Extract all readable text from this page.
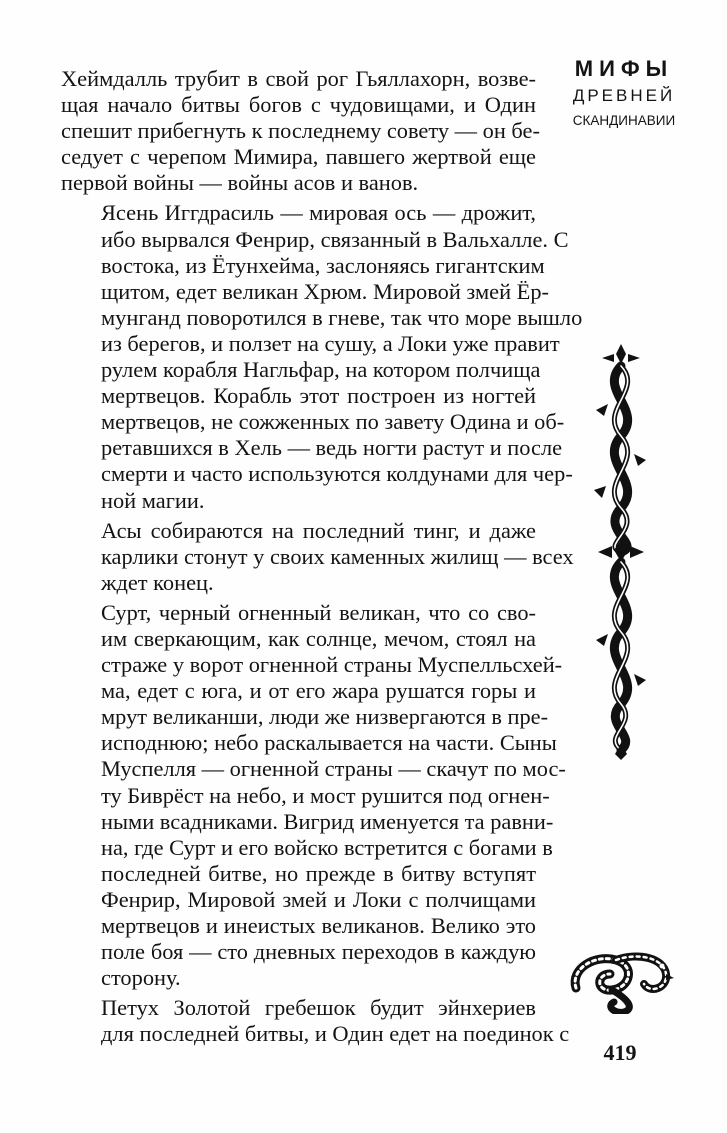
МИФЫ
ДРЕВНЕЙ
СКАНДИНАВИИ
Хеймдалль трубит в свой рог Гьяллахорн, возве-
щая начало битвы богов с чудовищами, и Один
спешит прибегнуть к последнему совету — он бе-
седует с черепом Мимира, павшего жертвой еще
первой войны — войны асов и ванов.
Ясень Иггдрасиль — мировая ось — дрожит,
ибо вырвался Фенрир, связанный в Вальхалле. С
востока, из Ётунхейма, заслоняясь гигантским
щитом, едет великан Хрюм. Мировой змей Ёр-
мунганд поворотился в гневе, так что море вышло
из берегов, и ползет на сушу, а Локи уже правит
рулем корабля Нагльфар, на котором полчища
мертвецов. Корабль этот построен из ногтей
мертвецов, не сожженных по завету Одина и об-
ретавшихся в Хель — ведь ногти растут и после
смерти и часто используются колдунами для чер-
ной магии.
Асы собираются на последний тинг, и даже
карлики стонут у своих каменных жилищ — всех
ждет конец.
Сурт, черный огненный великан, что со сво-
им сверкающим, как солнце, мечом, стоял на
страже у ворот огненной страны Муспелльсхей-
ма, едет с юга, и от его жара рушатся горы и
мрут великанши, люди же низвергаются в пре-
исподнюю; небо раскалывается на части. Сыны
Муспелля — огненной страны — скачут по мос-
ту Биврёст на небо, и мост рушится под огнен-
ными всадниками. Вигрид именуется та равни-
на, где Сурт и его войско встретится с богами в
последней битве, но прежде в битву вступят
Фенрир, Мировой змей и Локи с полчищами
мертвецов и инеистых великанов. Велико это
поле боя — сто дневных переходов в каждую
сторону.
Петух Золотой гребешок будит эйнхериев
для последней битвы, и Один едет на поединок с
419
